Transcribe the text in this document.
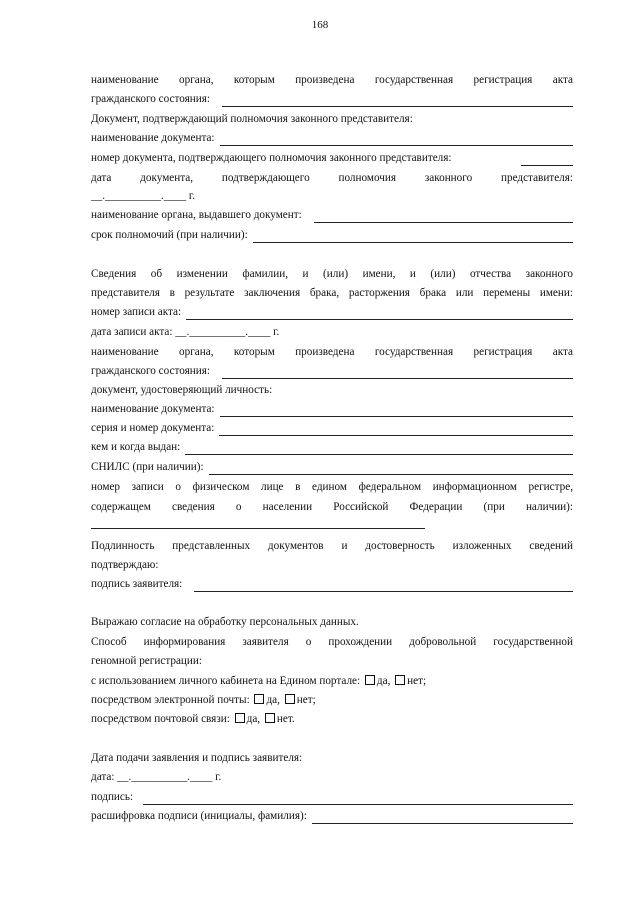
168
наименование органа, которым произведена государственная регистрация акта
гражданского состояния:
Документ, подтверждающий полномочия законного представителя:
наименование документа:
номер документа, подтверждающего полномочия законного представителя:
дата документа, подтверждающего полномочия законного представителя:
__.__________.____ г.
наименование органа, выдавшего документ:
срок полномочий (при наличии):
Сведения об изменении фамилии, и (или) имени, и (или) отчества законного
представителя в результате заключения брака, расторжения брака или перемены имени:
номер записи акта:
дата записи акта: __.__________.____ г.
наименование органа, которым произведена государственная регистрация акта
гражданского состояния:
документ, удостоверяющий личность:
наименование документа:
серия и номер документа:
кем и когда выдан:
СНИЛС (при наличии):
номер записи о физическом лице в едином федеральном информационном регистре,
содержащем сведения о населении Российской Федерации (при наличии):
Подлинность представленных документов и достоверность изложенных сведений
подтверждаю:
подпись заявителя:
Выражаю согласие на обработку персональных данных.
Способ информирования заявителя о прохождении добровольной государственной
геномной регистрации:
с использованием личного кабинета на Едином портале: да, нет;
посредством электронной почты: да, нет;
посредством почтовой связи: да, нет.
Дата подачи заявления и подпись заявителя:
дата: __.__________.____ г.
подпись:
расшифровка подписи (инициалы, фамилия):
